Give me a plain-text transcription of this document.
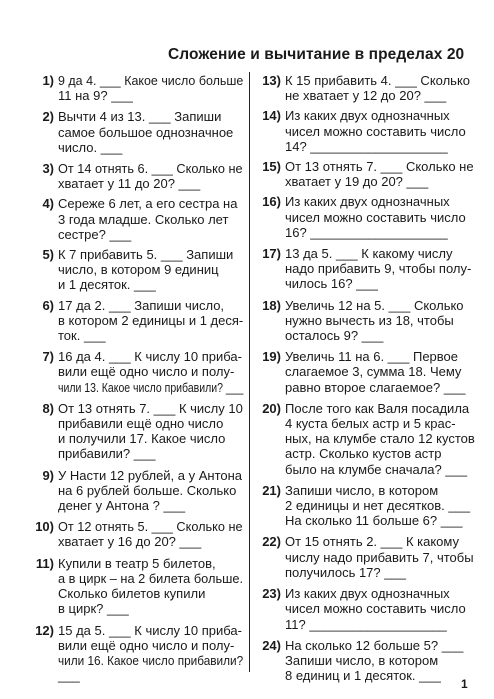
Сложение и вычитание в пределах 20
1) 9 да 4. ___ Какое число больше
11 на 9? ___
2) Вычти 4 из 13. ___ Запиши
самое большое однозначное
число. ___
3) От 14 отнять 6. ___ Сколько не
хватает у 11 до 20? ___
4) Сереже 6 лет, а его сестра на
3 года младше. Сколько лет
сестре? ___
5) К 7 прибавить 5. ___ Запиши
число, в котором 9 единиц
и 1 десяток. ___
6) 17 да 2. ___ Запиши число,
в котором 2 единицы и 1 деся-
ток. ___
7) 16 да 4. ___ К числу 10 приба-
вили ещё одно число и полу-
чили 13. Какое число прибавили? ___
8) От 13 отнять 7. ___ К числу 10
прибавили ещё одно число
и получили 17. Какое число
прибавили? ___
9) У Насти 12 рублей, а у Антона
на 6 рублей больше. Сколько
денег у Антона ? ___
10) От 12 отнять 5. ___ Сколько не
хватает у 16 до 20? ___
11) Купили в театр 5 билетов,
а в цирк – на 2 билета больше.
Сколько билетов купили
в цирк? ___
12) 15 да 5. ___ К числу 10 приба-
вили ещё одно число и полу-
чили 16. Какое число прибавили?
___
13) К 15 прибавить 4. ___ Сколько
не хватает у 12 до 20? ___
14) Из каких двух однозначных
чисел можно составить число
14? ___________________
15) От 13 отнять 7. ___ Сколько не
хватает у 19 до 20? ___
16) Из каких двух однозначных
чисел можно составить число
16? ___________________
17) 13 да 5. ___ К какому числу
надо прибавить 9, чтобы полу-
чилось 16? ___
18) Увеличь 12 на 5. ___ Сколько
нужно вычесть из 18, чтобы
осталось 9? ___
19) Увеличь 11 на 6. ___ Первое
слагаемое 3, сумма 18. Чему
равно второе слагаемое? ___
20) После того как Валя посадила
4 куста белых астр и 5 крас-
ных, на клумбе стало 12 кустов
астр. Сколько кустов астр
было на клумбе сначала? ___
21) Запиши число, в котором
2 единицы и нет десятков. ___
На сколько 11 больше 6? ___
22) От 15 отнять 2. ___ К какому
числу надо прибавить 7, чтобы
получилось 17? ___
23) Из каких двух однозначных
чисел можно составить число
11? ___________________
24) На сколько 12 больше 5? ___
Запиши число, в котором
8 единиц и 1 десяток. ___
1
